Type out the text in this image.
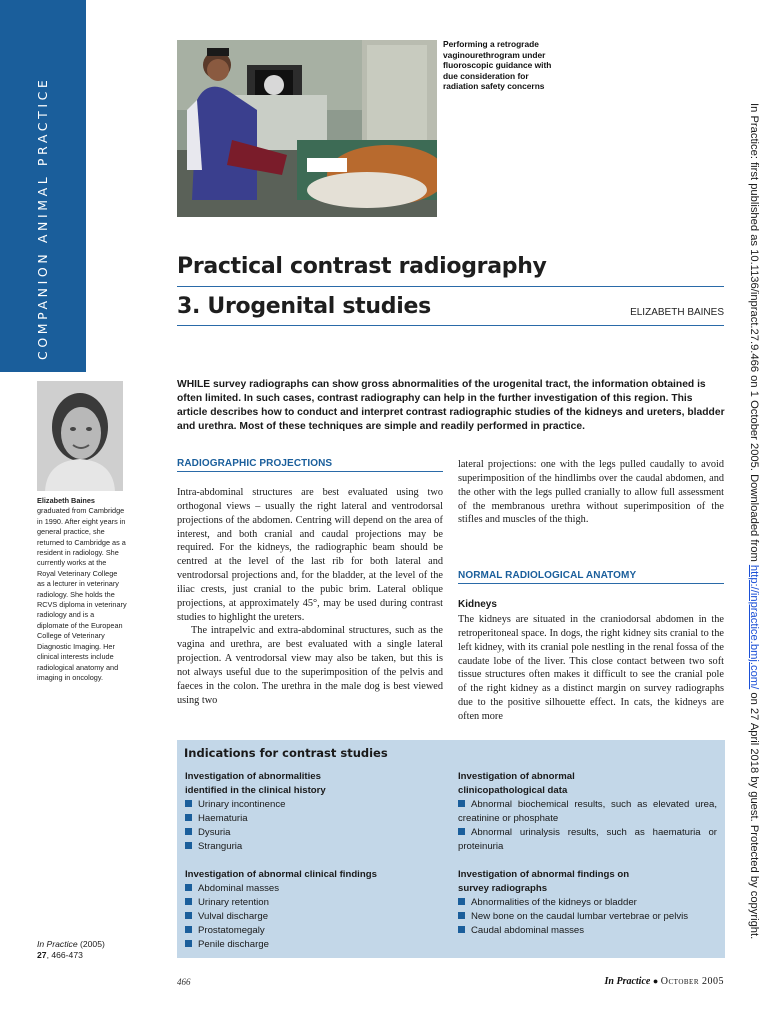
COMPANION ANIMAL PRACTICE
Performing a retrograde vaginourethrogram under fluoroscopic guidance with due consideration for radiation safety concerns
Practical contrast radiography
3. Urogenital studies	ELIZABETH BAINES
WHILE survey radiographs can show gross abnormalities of the urogenital tract, the information obtained is often limited. In such cases, contrast radiography can help in the further investigation of this region. This article describes how to conduct and interpret contrast radiographic studies of the kidneys and ureters, bladder and urethra. Most of these techniques are simple and readily performed in practice.
Elizabeth Baines
graduated from Cambridge in 1990. After eight years in general practice, she returned to Cambridge as a resident in radiology. She currently works at the Royal Veterinary College as a lecturer in veterinary radiology. She holds the RCVS diploma in veterinary radiology and is a diplomate of the European College of Veterinary Diagnostic Imaging. Her clinical interests include radiological anatomy and imaging in oncology.
RADIOGRAPHIC PROJECTIONS

Intra-abdominal structures are best evaluated using two orthogonal views – usually the right lateral and ventrodorsal projections of the abdomen. Centring will depend on the area of interest, and both cranial and caudal projections may be required. For the kidneys, the radiographic beam should be centred at the level of the last rib for both lateral and ventrodorsal projections and, for the bladder, at the level of the iliac crests, just cranial to the pubic brim. Lateral oblique projections, at approximately 45°, may be used during contrast studies to highlight the ureters.

The intrapelvic and extra-abdominal structures, such as the vagina and urethra, are best evaluated with a single lateral projection. A ventrodorsal view may also be taken, but this is not always useful due to the superimposition of the pelvis and faeces in the colon. The urethra in the male dog is best viewed using two

lateral projections: one with the legs pulled caudally to avoid superimposition of the hindlimbs over the caudal abdomen, and the other with the legs pulled cranially to allow full assessment of the membranous urethra without superimposition of the stifles and muscles of the thigh.
NORMAL RADIOLOGICAL ANATOMY
Kidneys
The kidneys are situated in the craniodorsal abdomen in the retroperitoneal space. In dogs, the right kidney sits cranial to the left kidney, with its cranial pole nestling in the renal fossa of the caudate lobe of the liver. This close contact between two soft tissue structures often makes it difficult to see the cranial pole of the right kidney as a distinct margin on survey radiographs due to the positive silhouette effect. In cats, the kidneys are often more
Indications for contrast studies
Investigation of abnormalities identified in the clinical history
Urinary incontinence
Haematuria
Dysuria
Stranguria
Investigation of abnormal clinical findings
Abdominal masses
Urinary retention
Vulval discharge
Prostatomegaly
Penile discharge
Investigation of abnormal clinicopathological data
Abnormal biochemical results, such as elevated urea, creatinine or phosphate
Abnormal urinalysis results, such as haematuria or proteinuria
Investigation of abnormal findings on survey radiographs
Abnormalities of the kidneys or bladder
New bone on the caudal lumbar vertebrae or pelvis
Caudal abdominal masses
In Practice (2005)
27, 466-473
466	In Practice ● October 2005
In Practice: first published as 10.1136/inpract.27.9.466 on 1 October 2005. Downloaded from http://inpractice.bmj.com/ on 27 April 2018 by guest. Protected by copyright.
